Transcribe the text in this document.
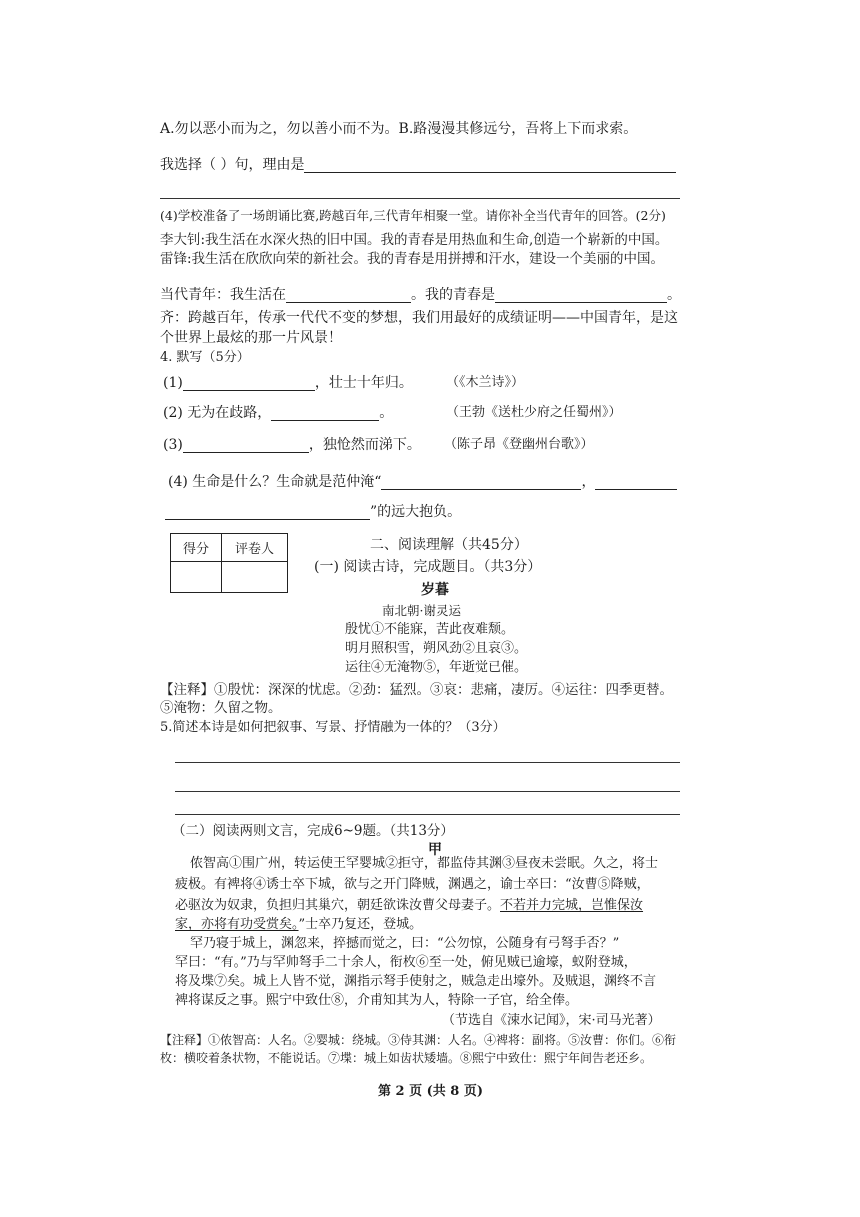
A.勿以恶小而为之，勿以善小而不为。B.路漫漫其修远兮，吾将上下而求索。
我选择（ ）句，理由是
(4)学校准备了一场朗诵比赛,跨越百年,三代青年相聚一堂。请你补全当代青年的回答。(2分)
李大钊:我生活在水深火热的旧中国。我的青春是用热血和生命,创造一个崭新的中国。
雷锋:我生活在欣欣向荣的新社会。我的青春是用拼搏和汗水，建设一个美丽的中国。
当代青年：我生活在	。我的青春是	。
齐：跨越百年，传承一代代不变的梦想，我们用最好的成绩证明——中国青年，是这
个世界上最炫的那一片风景！
4. 默写（5分）
(1)	，壮士十年归。	（《木兰诗》）
(2) 无为在歧路，	。	（王勃《送杜少府之任蜀州》）
(3)	，独怆然而涕下。 （陈子昂《登幽州台歌》）
(4) 生命是什么？生命就是范仲淹“	，
”的远大抱负。
得分	评卷人
		二、阅读理解（共45分）
(一) 阅读古诗，完成题目。（共3分）
岁暮
南北朝·谢灵运
殷忧①不能寐，苦此夜难颓。
明月照积雪，朔风劲②且哀③。
运往④无淹物⑤，年逝觉已催。
【注释】①殷忧：深深的忧虑。②劲：猛烈。③哀：悲痛，凄厉。④运往：四季更替。
⑤淹物：久留之物。
5.简述本诗是如何把叙事、写景、抒情融为一体的？（3分）
（二）阅读两则文言，完成6~9题。（共13分）
甲
侬智高①围广州，转运使王罕婴城②拒守，都监侍其渊③昼夜未尝眠。久之，将士
疲极。有裨将④诱士卒下城，欲与之开门降贼，渊遇之，谕士卒曰：“汝曹⑤降贼，
必驱汝为奴隶，负担归其巢穴，朝廷欲诛汝曹父母妻子。不若并力完城，岂惟保汝
家，亦将有功受赏矣。”士卒乃复还，登城。
罕乃寝于城上，渊忽来，捽撼而觉之，曰：“公勿惊，公随身有弓弩手否？”
罕曰：“有。”乃与罕帅弩手二十余人，衔枚⑥至一处，俯见贼已逾壕，蚁附登城，
将及堞⑦矣。城上人皆不觉，渊指示弩手使射之，贼急走出壕外。及贼退，渊终不言
裨将谋反之事。熙宁中致仕⑧，介甫知其为人，特除一子官，给全俸。
（节选自《涑水记闻》，宋·司马光著）
【注释】①侬智高：人名。②婴城：绕城。③侍其渊：人名。④裨将：副将。⑤汝曹：你们。⑥衔
枚：横咬着条状物，不能说话。⑦堞：城上如齿状矮墙。⑧熙宁中致仕：熙宁年间告老还乡。
第 2 页 (共 8 页)
